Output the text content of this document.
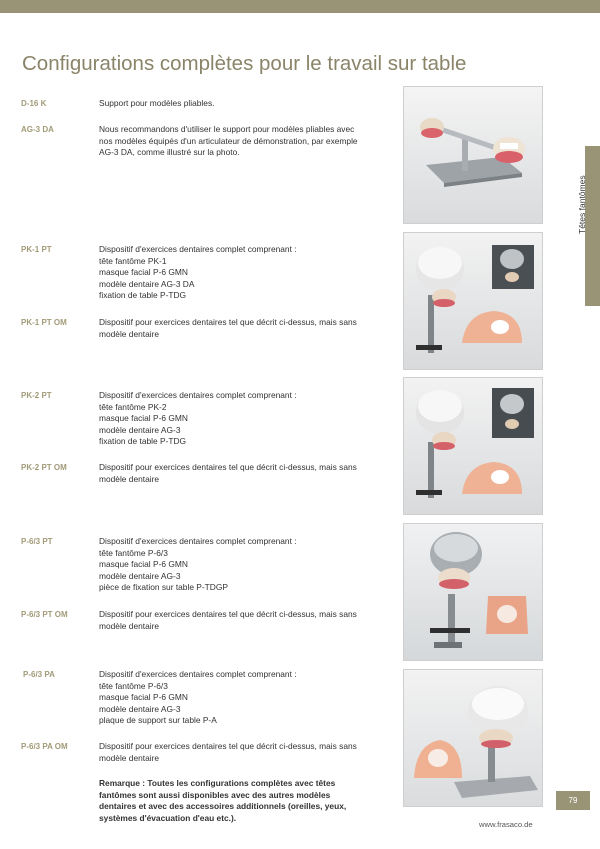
Configurations complètes pour le travail sur table
D-16 K	Support pour modèles pliables.
AG-3 DA	Nous recommandons d'utiliser le support pour modèles pliables avec
nos modèles équipés d'un articulateur de démonstration, par exemple
AG-3 DA, comme illustré sur la photo.
PK-1 PT	Dispositif d'exercices dentaires complet comprenant :
tête fantôme PK-1
masque facial P-6 GMN
modèle dentaire AG-3 DA
fixation de table P-TDG
PK-1 PT OM	Dispositif pour exercices dentaires tel que décrit ci-dessus, mais sans
modèle dentaire
PK-2 PT	Dispositif d'exercices dentaires complet comprenant :
tête fantôme PK-2
masque facial P-6 GMN
modèle dentaire AG-3
fixation de table P-TDG
PK-2 PT OM	Dispositif pour exercices dentaires tel que décrit ci-dessus, mais sans
modèle dentaire
P-6/3 PT	Dispositif d'exercices dentaires complet comprenant :
tête fantôme P-6/3
masque facial P-6 GMN
modèle dentaire AG-3
pièce de fixation sur table P-TDGP
P-6/3 PT OM	Dispositif pour exercices dentaires tel que décrit ci-dessus, mais sans
modèle dentaire
P-6/3 PA	Dispositif d'exercices dentaires complet comprenant :
tête fantôme P-6/3
masque facial P-6 GMN
modèle dentaire AG-3
plaque de support sur table P-A
P-6/3 PA OM	Dispositif pour exercices dentaires tel que décrit ci-dessus, mais sans
modèle dentaire
Remarque : Toutes les configurations complètes avec têtes
fantômes sont aussi disponibles avec des autres modèles
dentaires et avec des accessoires additionnels (oreilles, yeux,
systèmes d'évacuation d'eau etc.).
Têtes fantômes
79
www.frasaco.de
